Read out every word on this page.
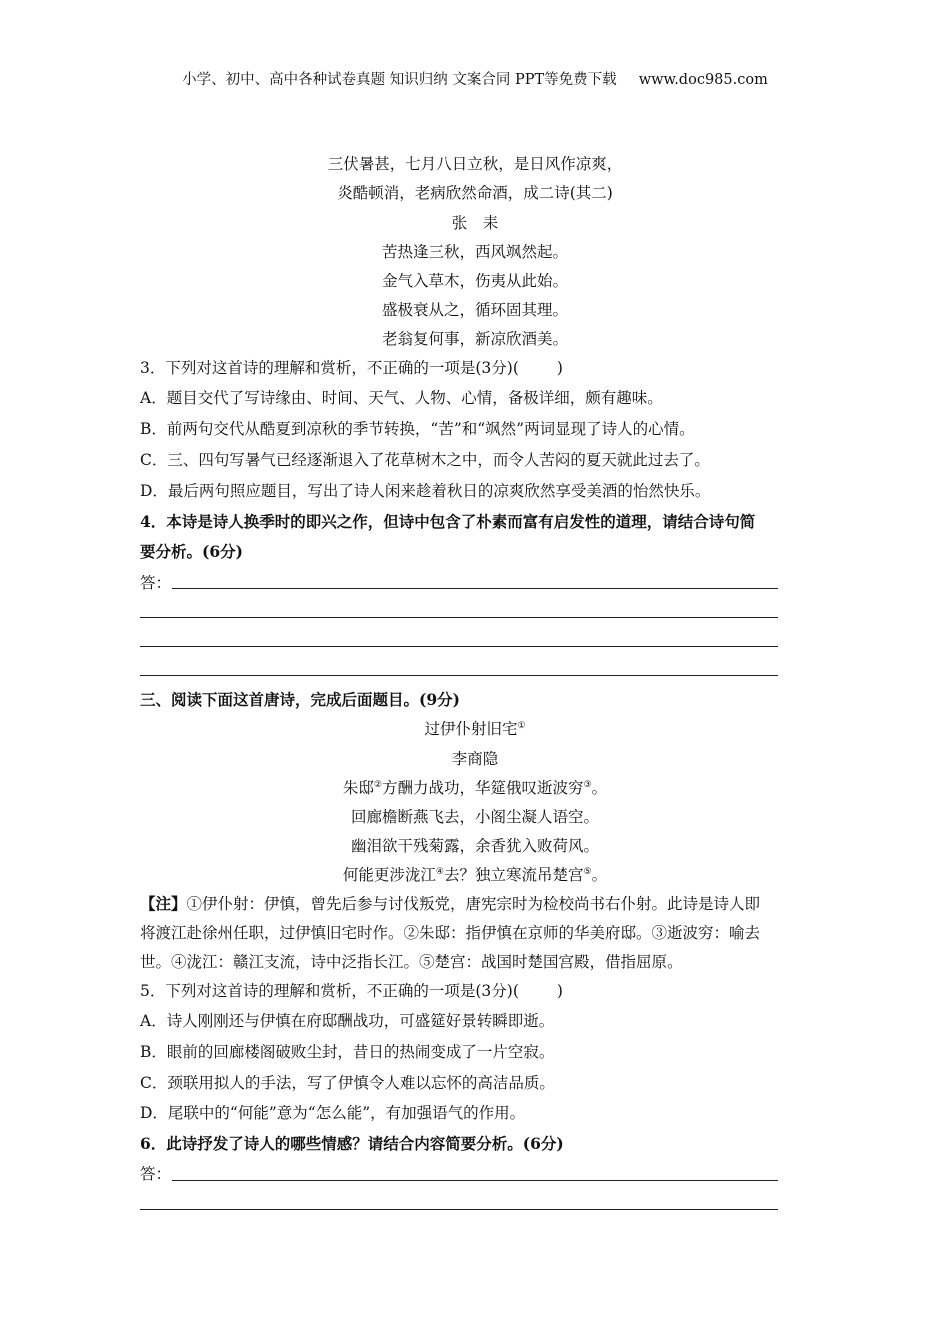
小学、初中、高中各种试卷真题 知识归纳 文案合同 PPT等免费下载 www.doc985.com
三伏暑甚，七月八日立秋，是日风作凉爽，
炎酷顿消，老病欣然命酒，成二诗(其二)
张　耒
苦热逢三秋，西风飒然起。
金气入草木，伤夷从此始。
盛极衰从之，循环固其理。
老翁复何事，新凉欣酒美。
3．下列对这首诗的理解和赏析，不正确的一项是(3分)( )
A．题目交代了写诗缘由、时间、天气、人物、心情，备极详细，颇有趣味。
B．前两句交代从酷夏到凉秋的季节转换，“苦”和“飒然”两词显现了诗人的心情。
C．三、四句写暑气已经逐渐退入了花草树木之中，而令人苦闷的夏天就此过去了。
D．最后两句照应题目，写出了诗人闲来趁着秋日的凉爽欣然享受美酒的怡然快乐。
4．本诗是诗人换季时的即兴之作，但诗中包含了朴素而富有启发性的道理，请结合诗句简
要分析。(6分)
答：
三、阅读下面这首唐诗，完成后面题目。(9分)
过伊仆射旧宅①
李商隐
朱邸②方酬力战功，华筵俄叹逝波穷③。
回廊檐断燕飞去，小阁尘凝人语空。
幽泪欲干残菊露，余香犹入败荷风。
何能更涉泷江④去？独立寒流吊楚宫⑤。
【注】①伊仆射：伊慎，曾先后参与讨伐叛党，唐宪宗时为检校尚书右仆射。此诗是诗人即
将渡江赴徐州任职，过伊慎旧宅时作。②朱邸：指伊慎在京师的华美府邸。③逝波穷：喻去
世。④泷江：赣江支流，诗中泛指长江。⑤楚宫：战国时楚国宫殿，借指屈原。
5．下列对这首诗的理解和赏析，不正确的一项是(3分)( )
A．诗人刚刚还与伊慎在府邸酬战功，可盛筵好景转瞬即逝。
B．眼前的回廊楼阁破败尘封，昔日的热闹变成了一片空寂。
C．颈联用拟人的手法，写了伊慎令人难以忘怀的高洁品质。
D．尾联中的“何能”意为“怎么能”，有加强语气的作用。
6．此诗抒发了诗人的哪些情感？请结合内容简要分析。(6分)
答：
